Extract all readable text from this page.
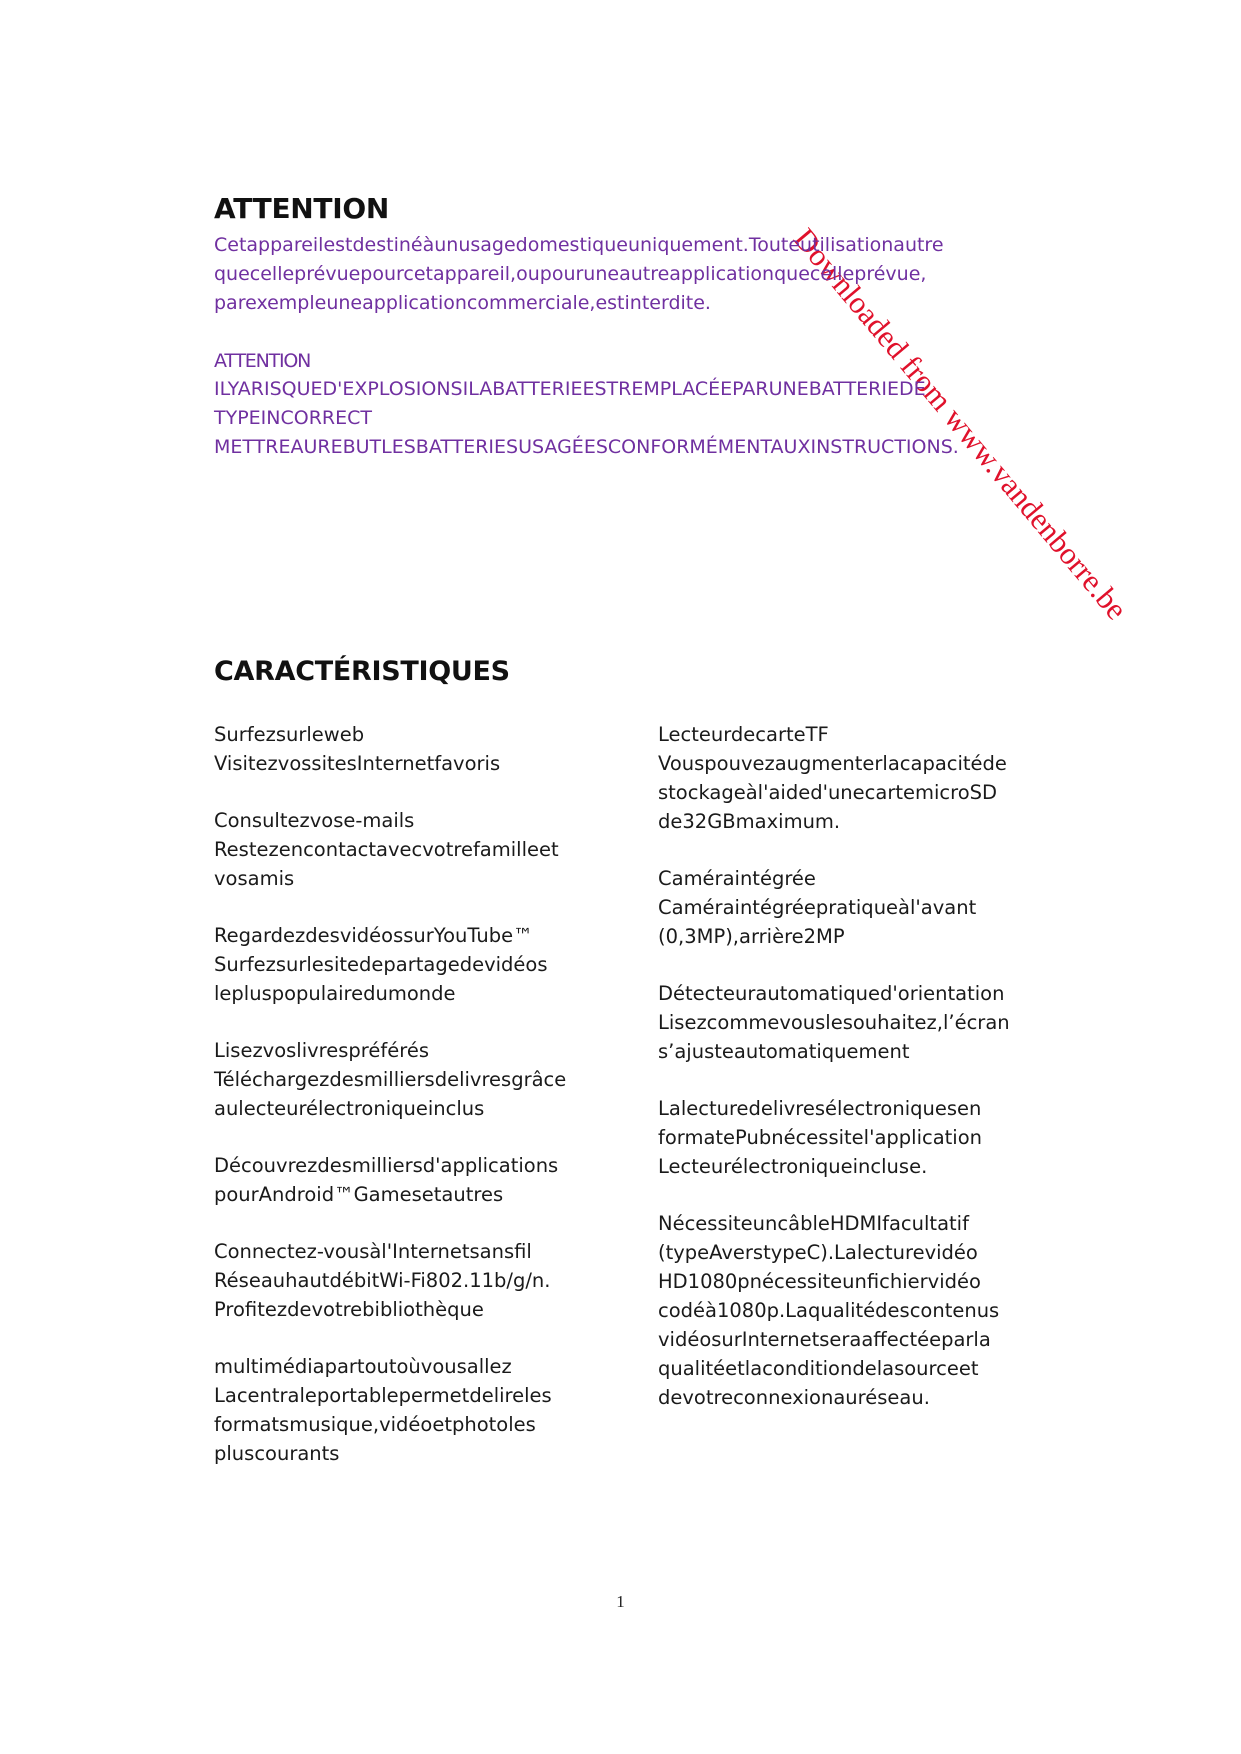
Downloaded from www.vandenborre.be

ATTENTION
Cetappareilestdestinéàunusagedomestiqueuniquement.Touteutilisationautre
quecelleprévuepourcetappareil,oupouruneautreapplicationquecelleprévue,
parexempleuneapplicationcommerciale,estinterdite.
ATTENTION
ILYARISQUED'EXPLOSIONSILABATTERIEESTREMPLACÉEPARUNEBATTERIEDE
TYPEINCORRECT
METTREAUREBUTLESBATTERIESUSAGÉESCONFORMÉMENTAUXINSTRUCTIONS.
CARACTÉRISTIQUES
Surfezsurleweb
VisitezvossitesInternetfavoris
Consultezvose-mails
Restezencontactavecvotrefamilleet
vosamis
RegardezdesvidéossurYouTube™
Surfezsurlesitedepartagedevidéos
lepluspopulairedumonde
Lisezvoslivrespréférés
Téléchargezdesmilliersdelivresgrâce
aulecteurélectroniqueinclus
Découvrezdesmilliersd'applications
pourAndroid™Gamesetautres
Connectez-vousàl'Internetsansfil
RéseauhautdébitWi-Fi802.11b/g/n.
Profitezdevotrebibliothèque
multimédiapartoutoùvousallez
Lacentraleportablepermetdelireles
formatsmusique,vidéoetphotoles
pluscourants
LecteurdecarteTF
Vouspouvezaugmenterlacapacitéde
stockageàl'aided'unecartemicroSD
de32GBmaximum.
Caméraintégrée
Caméraintégréepratiqueàl'avant
(0,3MP),arrière2MP
Détecteurautomatiqued'orientation
Lisezcommevouslesouhaitez,l’écran
s’ajusteautomatiquement
Lalecturedelivresélectroniquesen
formatePubnécessitel'application
Lecteurélectroniqueincluse.
NécessiteuncâbleHDMIfacultatif
(typeAverstypeC).Lalecturevidéo
HD1080pnécessiteunfichiervidéo
codéà1080p.Laqualitédescontenus
vidéosurInternetseraaffectéeparla
qualitéetlaconditiondelasourceet
devotreconnexionauréseau.
1
